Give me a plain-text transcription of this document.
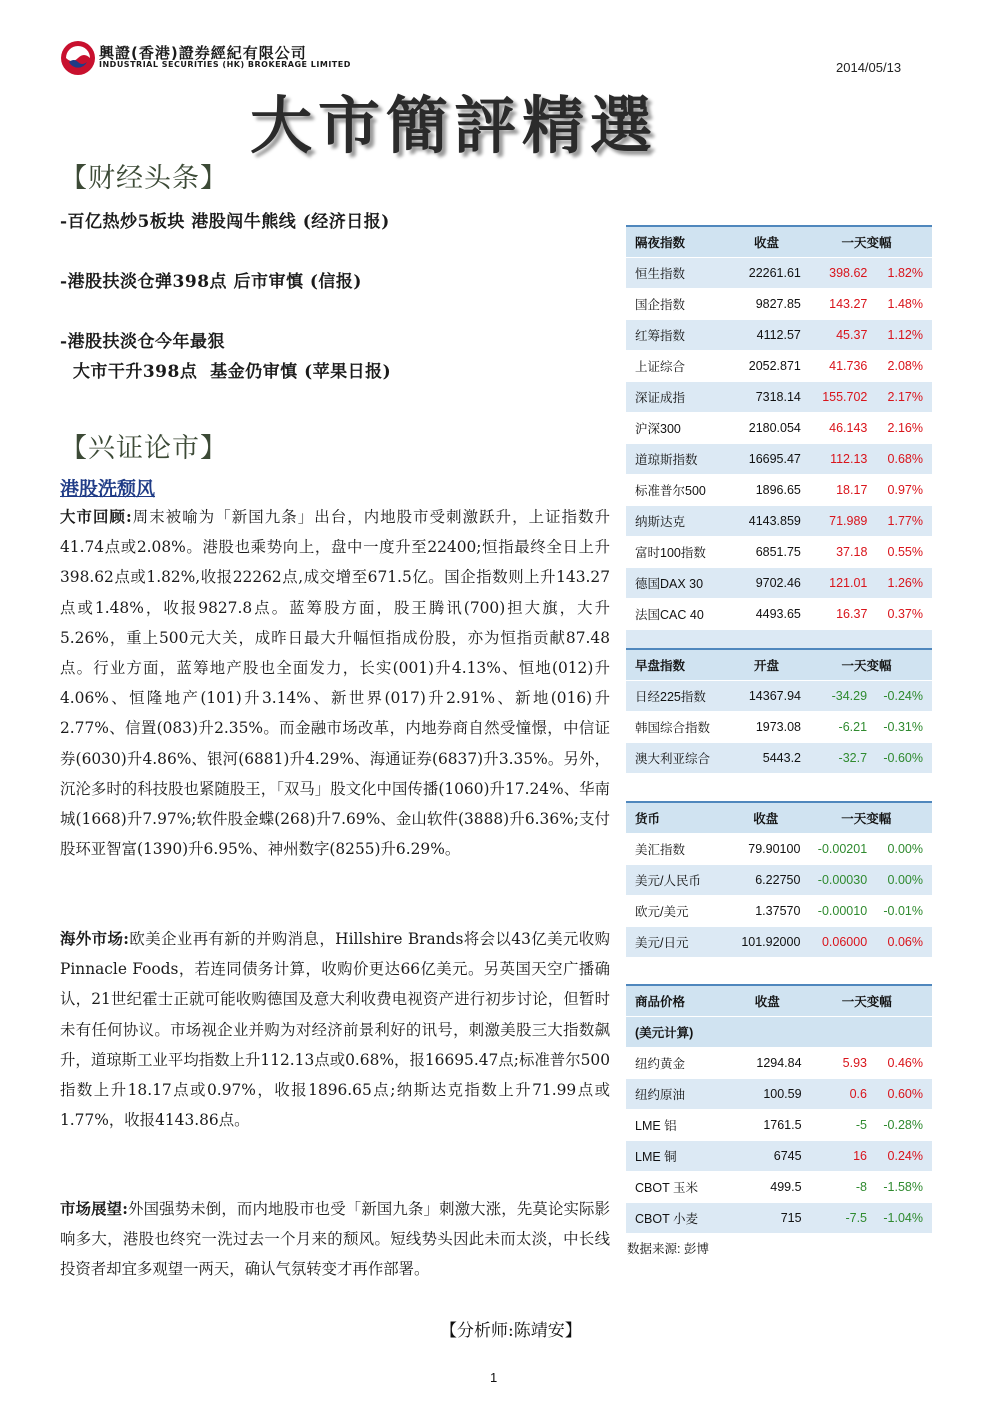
興證(香港)證券經紀有限公司
INDUSTRIAL SECURITIES (HK) BROKERAGE LIMITED	2014/05/13
大市簡評精選
【财经头条】
-百亿热炒5板块 港股闯牛熊线 (经济日报)
-港股扶淡仓弹398点 后市审慎 (信报)
-港股扶淡仓今年最狠
大市干升398点  基金仍审慎 (苹果日报)
【兴证论市】
港股洗颓风
大市回顾:周末被喻为「新国九条」出台，内地股市受刺激跃升，上证指数升41.74点或2.08%。港股也乘势向上，盘中一度升至22400;恒指最终全日上升398.62点或1.82%,收报22262点,成交增至671.5亿。国企指数则上升143.27点或1.48%，收报9827.8点。蓝筹股方面，股王腾讯(700)担大旗，大升5.26%，重上500元大关，成昨日最大升幅恒指成份股，亦为恒指贡献87.48点。行业方面，蓝筹地产股也全面发力，长实(001)升4.13%、恒地(012)升4.06%、恒隆地产(101)升3.14%、新世界(017)升2.91%、新地(016)升2.77%、信置(083)升2.35%。而金融市场改革，内地券商自然受憧憬，中信证券(6030)升4.86%、银河(6881)升4.29%、海通证券(6837)升3.35%。另外，沉沦多时的科技股也紧随股王，「双马」股文化中国传播(1060)升17.24%、华南城(1668)升7.97%;软件股金蝶(268)升7.69%、金山软件(3888)升6.36%;支付股环亚智富(1390)升6.95%、神州数字(8255)升6.29%。
海外市场:欧美企业再有新的并购消息，Hillshire Brands将会以43亿美元收购Pinnacle Foods，若连同债务计算，收购价更达66亿美元。另英国天空广播确认，21世纪霍士正就可能收购德国及意大利收费电视资产进行初步讨论，但暂时未有任何协议。市场视企业并购为对经济前景利好的讯号，刺激美股三大指数飙升，道琼斯工业平均指数上升112.13点或0.68%，报16695.47点;标准普尔500指数上升18.17点或0.97%，收报1896.65点;纳斯达克指数上升71.99点或1.77%，收报4143.86点。
市场展望:外国强势未倒，而内地股市也受「新国九条」刺激大涨，先莫论实际影响多大，港股也终究一洗过去一个月来的颓风。短线势头因此未而太淡，中长线投资者却宜多观望一两天，确认气氛转变才再作部署。
【分析师:陈靖安】
隔夜指数	收盘	一天变幅	
恒生指数	22261.61	398.62	1.82%
国企指数	9827.85	143.27	1.48%
红筹指数	4112.57	45.37	1.12%
上证综合	2052.871	41.736	2.08%
深证成指	7318.14	155.702	2.17%
沪深300	2180.054	46.143	2.16%
道琼斯指数	16695.47	112.13	0.68%
标准普尔500	1896.65	18.17	0.97%
纳斯达克	4143.859	71.989	1.77%
富时100指数	6851.75	37.18	0.55%
德国DAX 30	9702.46	121.01	1.26%
法国CAC 40	4493.65	16.37	0.37%

早盘指数	开盘	一天变幅	
日经225指数	14367.94	-34.29	-0.24%
韩国综合指数	1973.08	-6.21	-0.31%
澳大利亚综合	5443.2	-32.7	-0.60%
货币	收盘	一天变幅	
美汇指数	79.90100	-0.00201	0.00%
美元/人民币	6.22750	-0.00030	0.00%
欧元/美元	1.37570	-0.00010	-0.01%
美元/日元	101.92000	0.06000	0.06%
商品价格	收盘	一天变幅	
(美元计算)			
纽约黄金	1294.84	5.93	0.46%
纽约原油	100.59	0.6	0.60%
LME 铝	1761.5	-5	-0.28%
LME 铜	6745	16	0.24%
CBOT 玉米	499.5	-8	-1.58%
CBOT 小麦	715	-7.5	-1.04%
数据来源: 彭博
1
